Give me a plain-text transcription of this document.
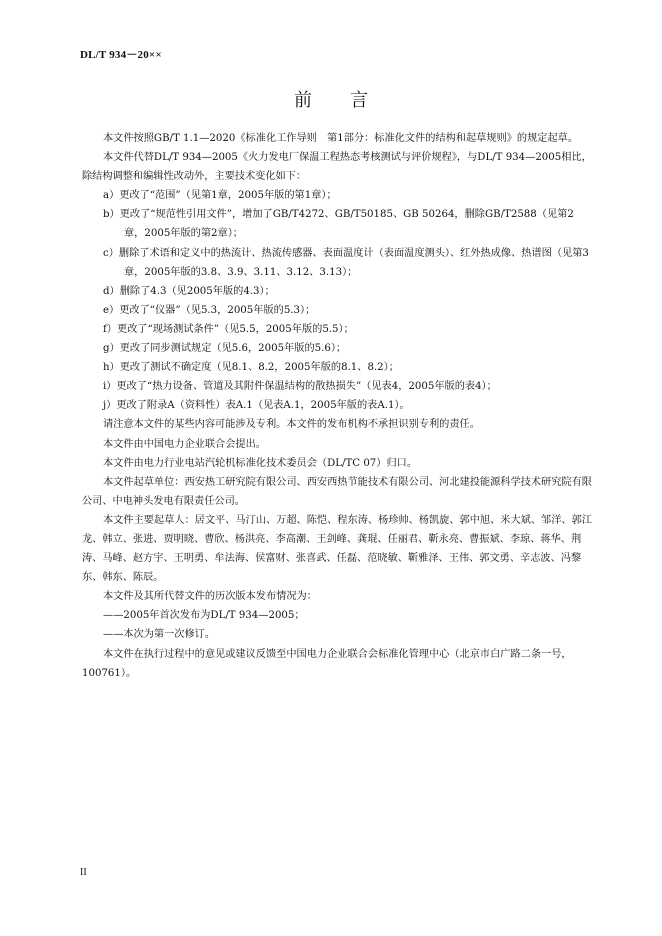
DL/T 934－20××
前言

本文件按照GB/T 1.1—2020《标准化工作导则　第1部分：标准化文件的结构和起草规则》的规定起草。

本文件代替DL/T 934—2005《火力发电厂保温工程热态考核测试与评价规程》，与DL/T 934—2005相比，除结构调整和编辑性改动外，主要技术变化如下：

a）更改了“范围”（见第1章，2005年版的第1章）；

b）更改了“规范性引用文件”，增加了GB/T4272、GB/T50185、GB 50264，删除GB/T2588（见第2章，2005年版的第2章）；

c）删除了术语和定义中的热流计、热流传感器、表面温度计（表面温度测头）、红外热成像、热谱图（见第3章，2005年版的3.8、3.9、3.11、3.12、3.13）；

d）删除了4.3（见2005年版的4.3）；

e）更改了“仪器”（见5.3，2005年版的5.3）；

f）更改了“现场测试条件”（见5.5，2005年版的5.5）；

g）更改了同步测试规定（见5.6，2005年版的5.6）；

h）更改了测试不确定度（见8.1、8.2，2005年版的8.1、8.2）；

i）更改了“热力设备、管道及其附件保温结构的散热损失”（见表4，2005年版的表4）；

j）更改了附录A（资料性）表A.1（见表A.1，2005年版的表A.1）。

请注意本文件的某些内容可能涉及专利。本文件的发布机构不承担识别专利的责任。

本文件由中国电力企业联合会提出。

本文件由电力行业电站汽轮机标准化技术委员会（DL/TC 07）归口。

本文件起草单位：西安热工研究院有限公司、西安西热节能技术有限公司、河北建投能源科学技术研究院有限公司、中电神头发电有限责任公司。

本文件主要起草人：居文平、马汀山、万超、陈恺、程东涛、杨珍帅、杨凯旋、郭中旭、米大斌、邹洋、郭江龙、韩立、张进、贾明晓、曹欣、杨洪亮、李高潮、王剑峰、龚琨、任丽君、靳永亮、曹振斌、李琼、蒋华、荆涛、马峰、赵方宇、王明勇、牟法海、侯富财、张喜武、任磊、范晓敏、靳雅泽、王伟、郭文勇、辛志波、冯黎东、韩东、陈辰。

本文件及其所代替文件的历次版本发布情况为：

——2005年首次发布为DL/T 934—2005；

——本次为第一次修订。

本文件在执行过程中的意见或建议反馈至中国电力企业联合会标准化管理中心（北京市白广路二条一号，100761）。

II
